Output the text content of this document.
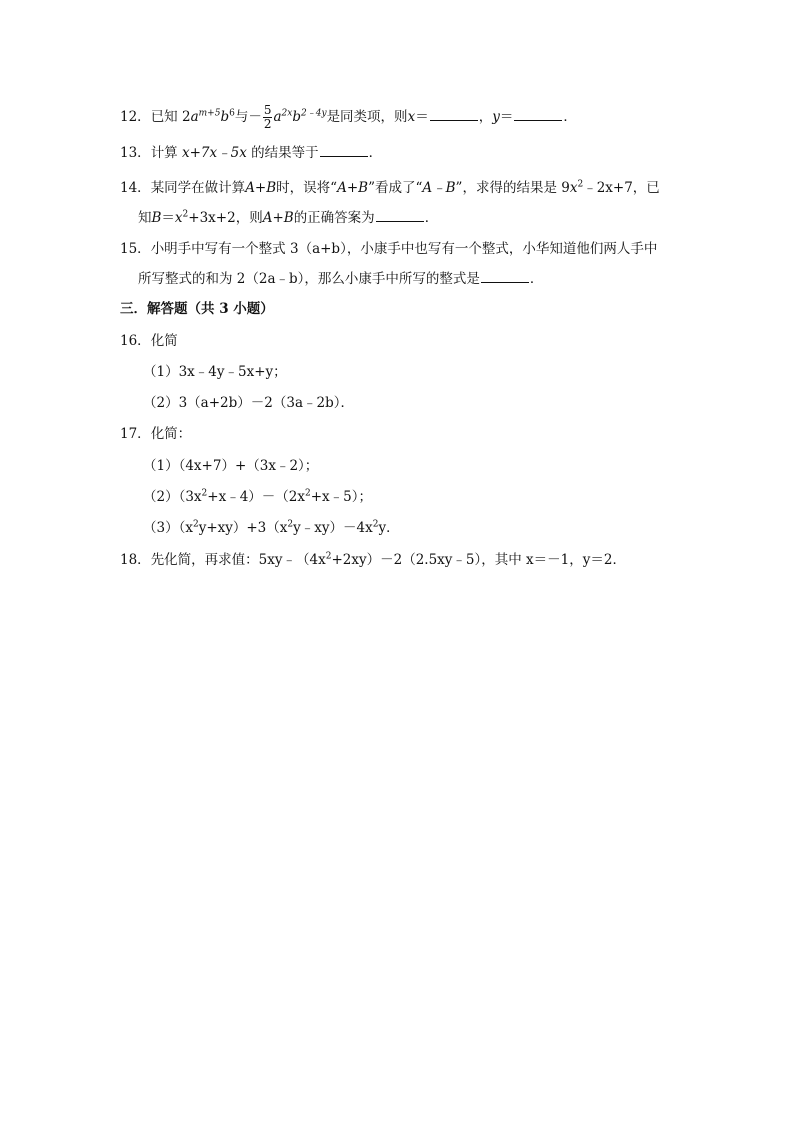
12．已知 $2a^{m+5}b^6$与－ $\frac{5}{2} a^{2x}b^{2﹣4y}$是同类项，则x＝	，y＝	．
13．计算 x+7x﹣5x 的结果等于	．
14．某同学在做计算A+B时，误将“A+B”看成了“A﹣B”，求得的结果是 $9x^2﹣2x+7$，已
知$B=x^2+3x+2$，则A+B的正确答案为	．
15．小明手中写有一个整式 3（a+b），小康手中也写有一个整式，小华知道他们两人手中
所写整式的和为 2（2a﹣b），那么小康手中所写的整式是	．
三．解答题（共 3 小题）
16．化简
（1）3x﹣4y﹣5x+y；
（2）3（a+2b）－2（3a﹣2b）．
17．化简：
（1）（4x+7）+（3x﹣2）；
$(2)(3x^2+x﹣4)-(2x^2+x﹣5)$；
$(3)(x^2y+xy)+3(x^2y﹣xy)-4x^2y$．
18．先化简，再求值：$5xy﹣(4x^2+2xy)-2(2.5xy﹣5)$，其中 x＝－1，y＝2．
